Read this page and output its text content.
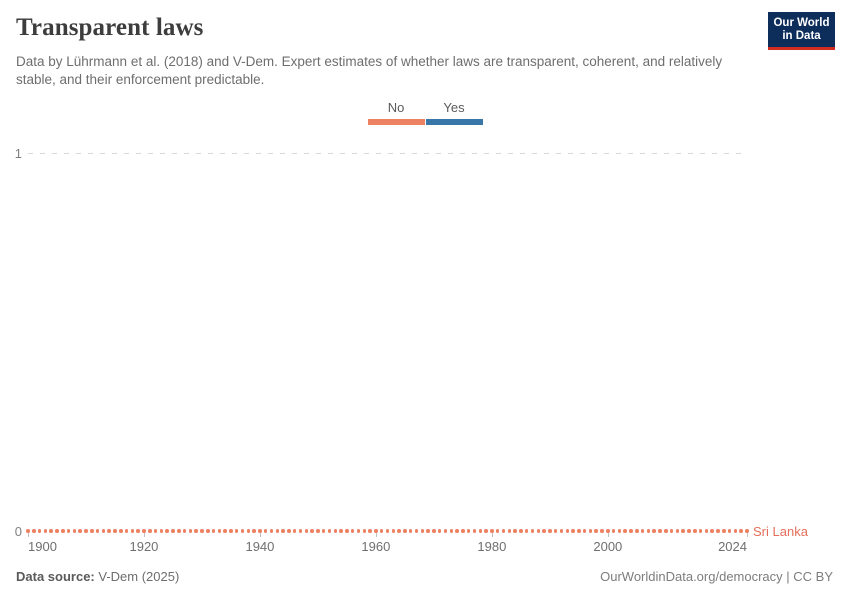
Transparent laws

Data by Lührmann et al. (2018) and V-Dem. Expert estimates of whether laws are transparent, coherent, and relatively stable, and their enforcement predictable.

Our World
in Data
No	Yes
0
1
1900	1920	1940	1960	1980	2000	2024
Sri Lanka

Data source: V-Dem (2025)	OurWorldinData.org/democracy | CC BY
